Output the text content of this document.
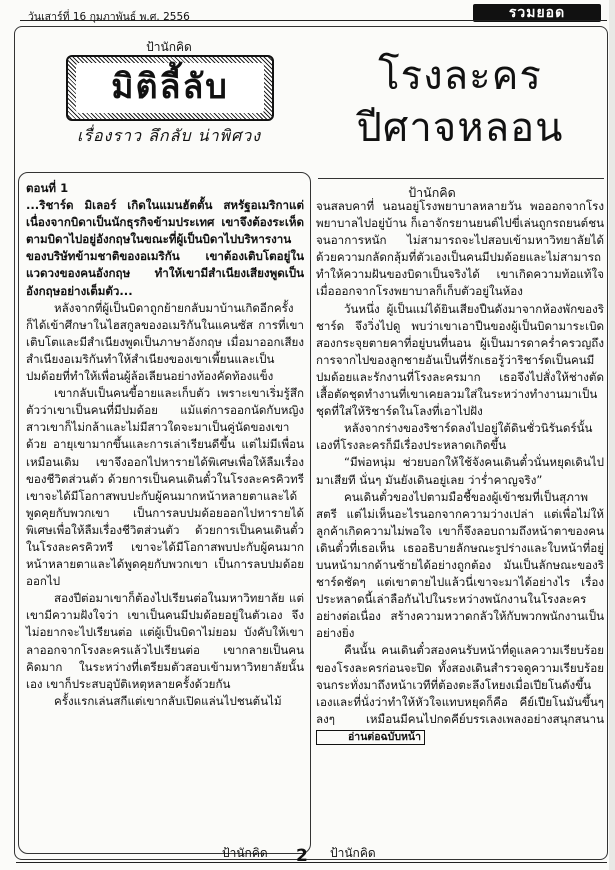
วันเสาร์ที่ 16 กุมภาพันธ์ พ.ศ. 2556	รวมยอด
ป้านักคิด
มิติลี้ลับ
เรื่องราว ลึกลับ น่าพิศวง
โรงละคร
ปีศาจหลอน
ป้านักคิด

ตอนที่ 1

...ริชาร์ด มิเลอร์ เกิดในแมนฮัตตั้น สหรัฐอเมริกาแต่ เนื่องจากบิดาเป็นนักธุรกิจข้ามประเทศ เขาจึงต้องระเห็ดตามบิดาไปอยู่อังกฤษในขณะที่ผู้เป็นบิดาไปบริหารงานของบริษัทข้ามชาติของอเมริกัน เขาต้องเติบโตอยู่ในแวดวงของคนอังกฤษ ทำให้เขามีสำเนียงเสียงพูดเป็นอังกฤษอย่างเต็มตัว...

หลังจากที่ผู้เป็นบิดาถูกย้ายกลับมาบ้านเกิดอีกครั้งก็ได้เข้าศึกษาในไฮสกูลของอเมริกันในแคนซัส การที่เขาเติบโตและมีสำเนียงพูดเป็นภาษาอังกฤษ เมื่อมาออกเสียงสำเนียงอเมริกันทำให้สำเนียงของเขาเพี้ยนและเป็นปมด้อยที่ทำให้เพื่อนผู้ล้อเลียนอย่างท้องคัดท้องแข็ง

เขากลับเป็นคนขี้อายและเก็บตัว เพราะเขาเริ่มรู้สึกตัวว่าเขาเป็นคนที่มีปมด้อย แม้แต่การออกนัดกับหญิงสาวเขาก็ไม่กล้าและไม่มีสาวใดจะมาเป็นคู่นัดของเขาด้วย อายุเขามากขึ้นและการเล่าเรียนดีขึ้น แต่ไม่มีเพื่อนเหมือนเดิม เขาจึงออกไปหารายได้พิเศษเพื่อให้ลืมเรื่องของชีวิตส่วนตัว ด้วยการเป็นคนเดินตั๋วในโรงละครคิวทรี เขาจะได้มีโอกาสพบปะกับผู้คนมากหน้าหลายตาและได้พูดคุยกับพวกเขา เป็นการลบปมด้อยออกไปหารายได้พิเศษเพื่อให้ลืมเรื่องชีวิตส่วนตัว ด้วยการเป็นคนเดินตั๋วในโรงละครคิวทรี เขาจะได้มีโอกาสพบปะกับผู้คนมากหน้าหลายตาและได้พูดคุยกับพวกเขา เป็นการลบปมด้อยออกไป

สองปีต่อมาเขาก็ต้องไปเรียนต่อในมหาวิทยาลัย แต่เขามีความฝังใจว่า เขาเป็นคนมีปมด้อยอยู่ในตัวเอง จึงไม่อยากจะไปเรียนต่อ แต่ผู้เป็นบิดาไม่ยอม บังคับให้เขาลาออกจากโรงละครแล้วไปเรียนต่อ เขากลายเป็นคนคิดมาก ในระหว่างที่เตรียมตัวสอบเข้ามหาวิทยาลัยนั้นเอง เขาก็ประสบอุบัติเหตุหลายครั้งด้วยกัน

ครั้งแรกเล่นสกีแต่เขากลับเปิดแล่นไปชนต้นไม้

จนสลบคาที่ นอนอยู่โรงพยาบาลหลายวัน พอออกจากโรงพยาบาลไปอยู่บ้าน ก็เอาจักรยานยนต์ไปขี่เล่นถูกรถยนต์ชนจนอาการหนัก ไม่สามารถจะไปสอบเข้ามหาวิทยาลัยได้ ด้วยความกลัดกลุ้มที่ตัวเองเป็นคนมีปมด้อยและไม่สามารถทำให้ความฝันของบิดาเป็นจริงได้ เขาเกิดความท้อแท้ใจเมื่อออกจากโรงพยาบาลก็เก็บตัวอยู่ในห้อง

วันหนึ่ง ผู้เป็นแม่ได้ยินเสียงปืนดังมาจากห้องพักของริชาร์ด จึงวิ่งไปดู พบว่าเขาเอาปืนของผู้เป็นบิดามาระเบิดสองกระจุยตายคาที่อยู่บนที่นอน ผู้เป็นมารดาคร่ำครวญถึงการจากไปของลูกชายอันเป็นที่รักเธอรู้ว่าริชาร์ดเป็นคนมีปมด้อยและรักงานที่โรงละครมาก เธอจึงไปสั่งให้ช่างตัดเสื้อตัดชุดทำงานที่เขาเคยลวมใส่ในระหว่างทำงานมาเป็นชุดที่ใส่ให้ริชาร์ดในโลงที่เอาไปฝัง

หลังจากร่างของริชาร์ดลงไปอยู่ใต้ดินชั่วนิรันดร์นั้นเองที่โรงละครก็มีเรื่องประหลาดเกิดขึ้น

“มีพ่อหนุ่ม ช่วยบอกให้ใช้จังคนเดินตั๋วนั่นหยุดเดินไปมาเสียที นั่นๆ มันยังเดินอยู่เลย ว่าร่ำคาญจริง”

คนเดินตั๋วของไปตามมือชี้ของผู้เข้าชมที่เป็นสุภาพสตรี แต่ไม่เห็นอะไรนอกจากความว่างเปล่า แต่เพื่อไม่ให้ลูกค้าเกิดความไม่พอใจ เขาก็จึงลอบถามถึงหน้าตาของคนเดินตั๋วที่เธอเห็น เธออธิบายลักษณะรูปร่างและใบหน้าที่อยู่บนหน้ามากด้านซ้ายได้อย่างถูกต้อง มันเป็นลักษณะของริชาร์ดชัดๆ แต่เขาตายไปแล้วนี่เขาจะมาได้อย่างไร เรื่องประหลาดนี้เล่าลือกันไปในระหว่างพนักงานในโรงละครอย่างต่อเนื่อง สร้างความหวาดกลัวให้กับพวกพนักงานเป็นอย่างยิ่ง

คืนนั้น คนเดินตั๋วสองคนรับหน้าที่ดูแลความเรียบร้อยของโรงละครก่อนจะปิด ทั้งสองเดินสำรวจดูความเรียบร้อยจนกระทั่งมาถึงหน้าเวทีที่ต้องตะลึงโหยงเมื่อเปียโนดังขึ้นเองและที่นั่งว่าทำให้หัวใจแทบหยุดก็คือ คีย์เปียโนมันขึ้นๆ ลงๆ เหมือนมีคนไปกดคีย์บรรเลงเพลงอย่างสนุกสนาน อ่านต่อฉบับหน้า

ป้านักคิด 2 ป้านักคิด
